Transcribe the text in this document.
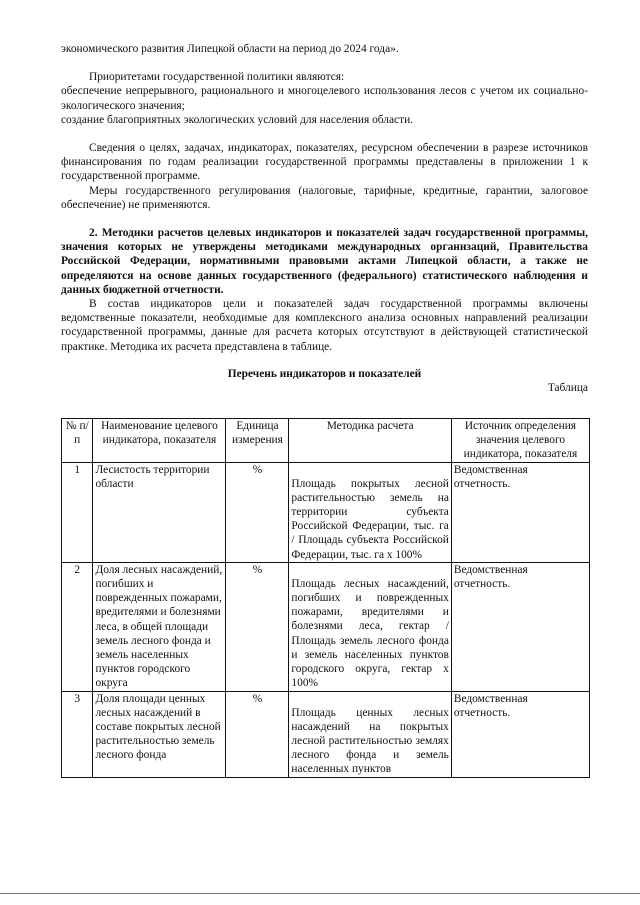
экономического развития Липецкой области на период до 2024 года».

Приоритетами государственной политики являются:

обеспечение непрерывного, рационального и многоцелевого использования лесов с учетом их социально-экологического значения;

создание благоприятных экологических условий для населения области.

Сведения о целях, задачах, индикаторах, показателях, ресурсном обеспечении в разрезе источников финансирования по годам реализации государственной программы представлены в приложении 1 к государственной программе.

Меры государственного регулирования (налоговые, тарифные, кредитные, гарантии, залоговое обеспечение) не применяются.

2. Методики расчетов целевых индикаторов и показателей задач государственной программы, значения которых не утверждены методиками международных организаций, Правительства Российской Федерации, нормативными правовыми актами Липецкой области, а также не определяются на основе данных государственного (федерального) статистического наблюдения и данных бюджетной отчетности.

В состав индикаторов цели и показателей задач государственной программы включены ведомственные показатели, необходимые для комплексного анализа основных направлений реализации государственной программы, данные для расчета которых отсутствуют в действующей статистической практике. Методика их расчета представлена в таблице.

Перечень индикаторов и показателей

Таблица

№ п/п	Наименование целевого индикатора, показателя	Единица измерения	Методика расчета	Источник определения значения целевого индикатора, показателя
1	Лесистость территории области	%	Площадь покрытых лесной растительностью земель на территории субъекта Российской Федерации, тыс. га / Площадь субъекта Российской Федерации, тыс. га х 100%	Ведомственная отчетность.
2	Доля лесных насаждений, погибших и поврежденных пожарами, вредителями и болезнями леса, в общей площади земель лесного фонда и земель населенных пунктов городского округа	%	Площадь лесных насаждений, погибших и поврежденных пожарами, вредителями и болезнями леса, гектар / Площадь земель лесного фонда и земель населенных пунктов городского округа, гектар х 100%	Ведомственная отчетность.
3	Доля площади ценных лесных насаждений в составе покрытых лесной растительностью земель лесного фонда	%	Площадь ценных лесных насаждений на покрытых лесной растительностью землях лесного фонда и земель населенных пунктов	Ведомственная отчетность.
